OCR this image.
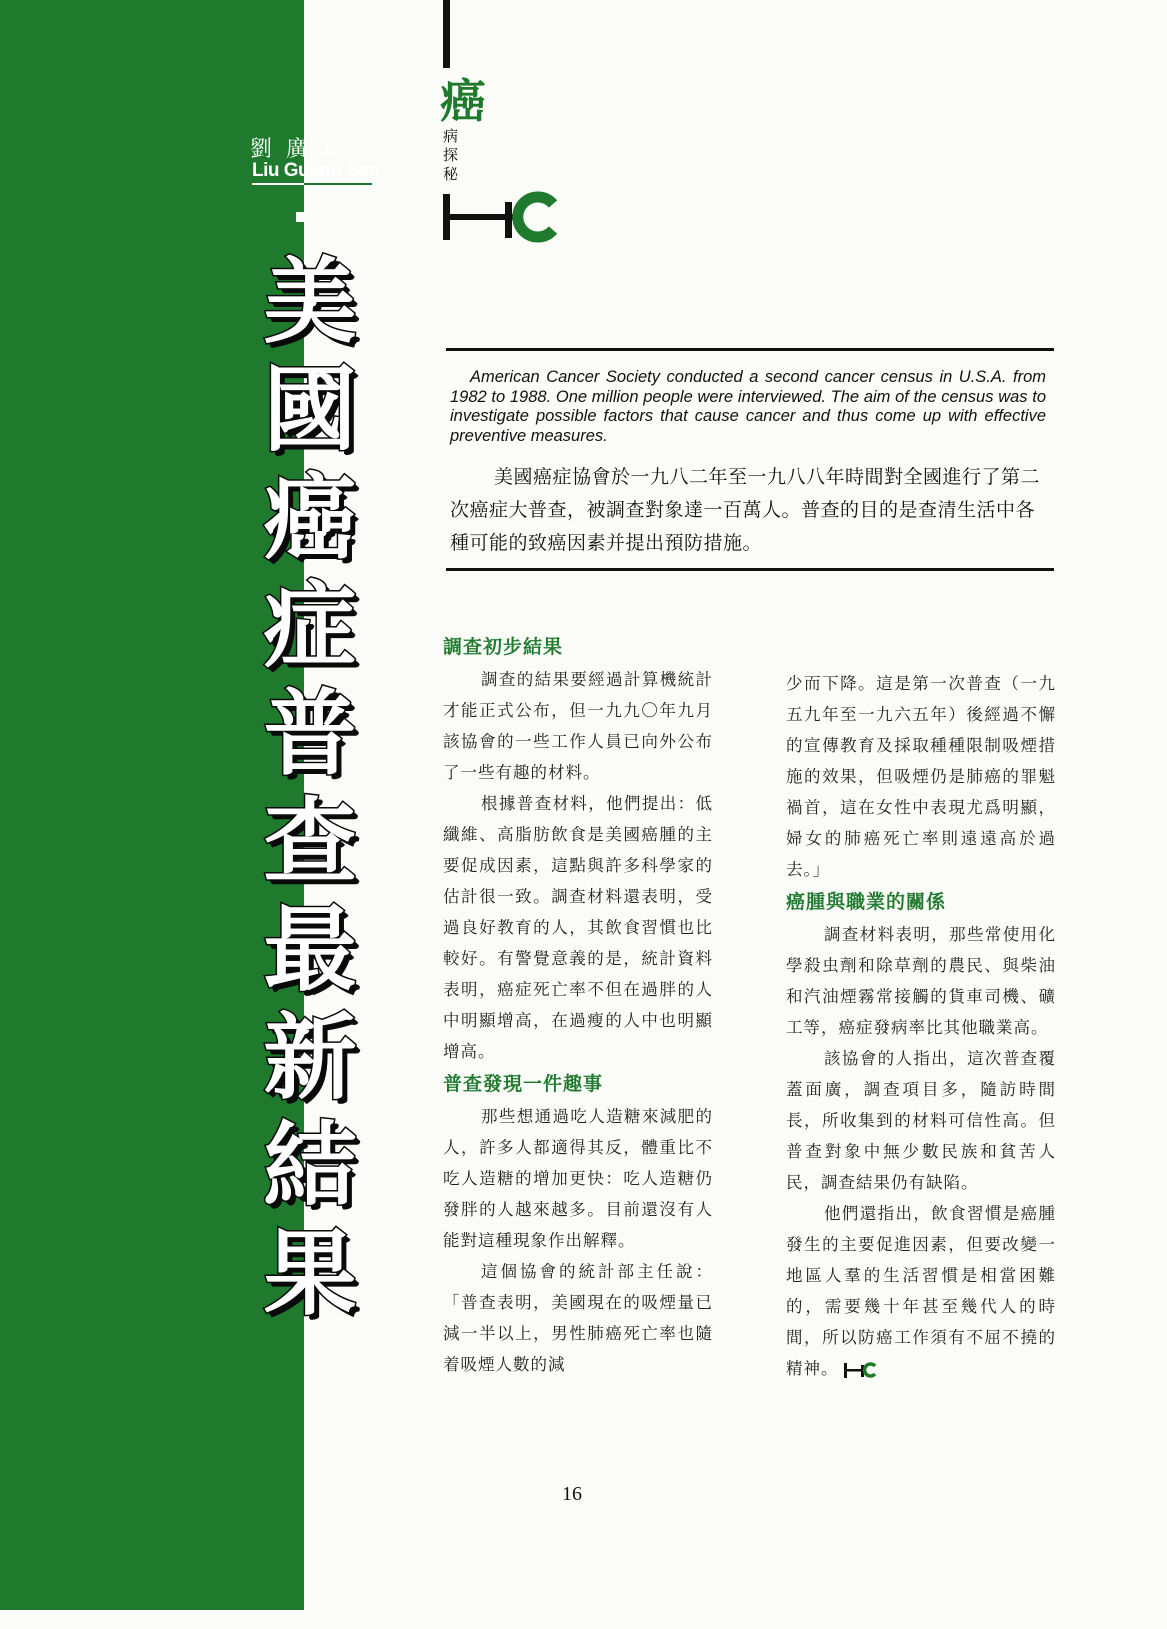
劉廣森
Liu Guang Sen
美
國
癌
症
普
查
最
新
結
果
癌
病
探
秘
American Cancer Society conducted a second cancer census in U.S.A. from 1982 to 1988. One million people were interviewed. The aim of the census was to investigate possible factors that cause cancer and thus come up with effective preventive measures.
美國癌症協會於一九八二年至一九八八年時間對全國進行了第二次癌症大普查，被調查對象達一百萬人。普查的目的是查清生活中各種可能的致癌因素并提出預防措施。
調查初步結果

調查的結果要經過計算機統計才能正式公布，但一九九〇年九月該協會的一些工作人員已向外公布了一些有趣的材料。

根據普查材料，他們提出：低纖維、高脂肪飲食是美國癌腫的主要促成因素，這點與許多科學家的估計很一致。調查材料還表明，受過良好教育的人，其飲食習慣也比較好。有警覺意義的是，統計資料表明，癌症死亡率不但在過胖的人中明顯增高，在過瘦的人中也明顯增高。

普查發現一件趣事

那些想通過吃人造糖來減肥的人，許多人都適得其反，體重比不吃人造糖的增加更快：吃人造糖仍發胖的人越來越多。目前還沒有人能對這種現象作出解釋。

這個協會的統計部主任說：「普查表明，美國現在的吸煙量已減一半以上，男性肺癌死亡率也隨着吸煙人數的減

少而下降。這是第一次普查（一九五九年至一九六五年）後經過不懈的宣傳教育及採取種種限制吸煙措施的效果，但吸煙仍是肺癌的罪魁禍首，這在女性中表現尤爲明顯，婦女的肺癌死亡率則遠遠高於過去。」

癌腫與職業的關係

調查材料表明，那些常使用化學殺虫劑和除草劑的農民、與柴油和汽油煙霧常接觸的貨車司機、礦工等，癌症發病率比其他職業高。

該協會的人指出，這次普查覆蓋面廣，調查項目多，隨訪時間長，所收集到的材料可信性高。但普查對象中無少數民族和貧苦人民，調查結果仍有缺陷。

他們還指出，飲食習慣是癌腫發生的主要促進因素，但要改變一地區人羣的生活習慣是相當困難的，需要幾十年甚至幾代人的時間，所以防癌工作須有不屈不撓的精神。

16
